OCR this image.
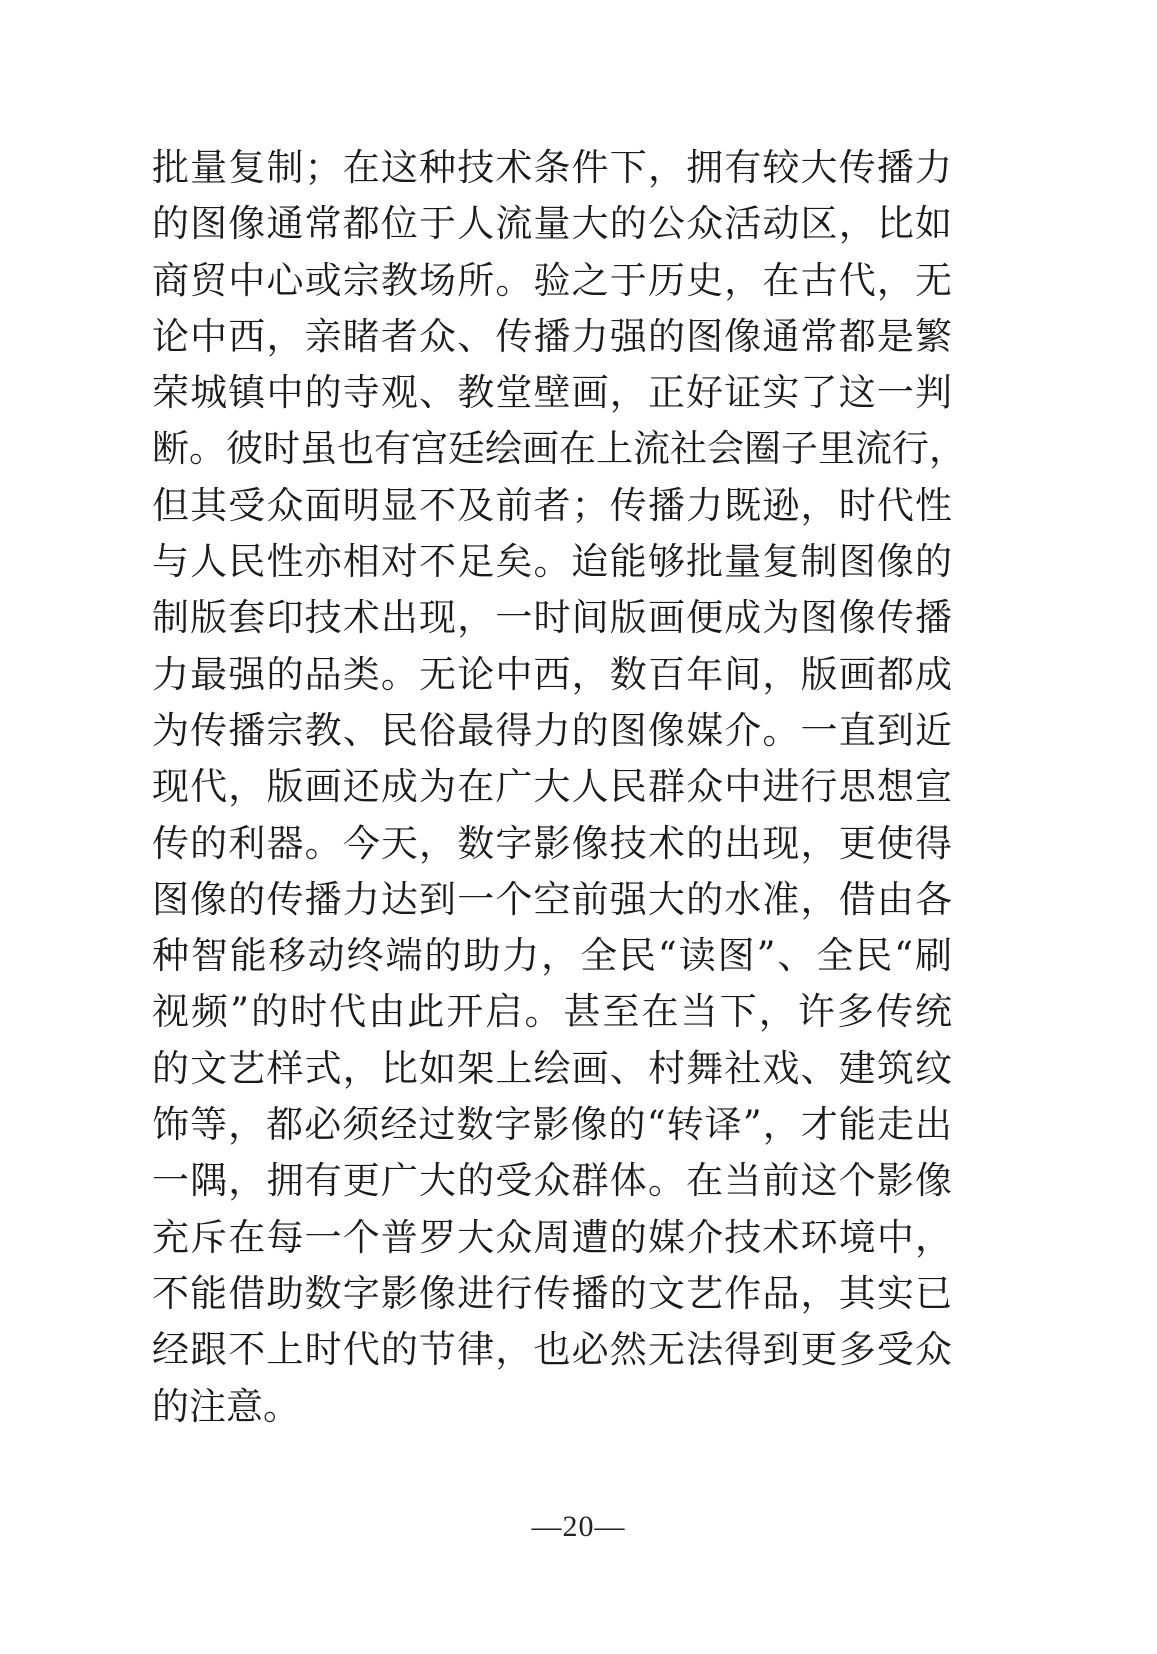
批量复制；在这种技术条件下，拥有较大传播力
的图像通常都位于人流量大的公众活动区，比如
商贸中心或宗教场所。验之于历史，在古代，无
论中西，亲睹者众、传播力强的图像通常都是繁
荣城镇中的寺观、教堂壁画，正好证实了这一判
断。彼时虽也有宫廷绘画在上流社会圈子里流行，
但其受众面明显不及前者；传播力既逊，时代性
与人民性亦相对不足矣。迨能够批量复制图像的
制版套印技术出现，一时间版画便成为图像传播
力最强的品类。无论中西，数百年间，版画都成
为传播宗教、民俗最得力的图像媒介。一直到近
现代，版画还成为在广大人民群众中进行思想宣
传的利器。今天，数字影像技术的出现，更使得
图像的传播力达到一个空前强大的水准，借由各
种智能移动终端的助力，全民“读图”、全民“刷
视频”的时代由此开启。甚至在当下，许多传统
的文艺样式，比如架上绘画、村舞社戏、建筑纹
饰等，都必须经过数字影像的“转译”，才能走出
一隅，拥有更广大的受众群体。在当前这个影像
充斥在每一个普罗大众周遭的媒介技术环境中，
不能借助数字影像进行传播的文艺作品，其实已
经跟不上时代的节律，也必然无法得到更多受众
的注意。
—20—
